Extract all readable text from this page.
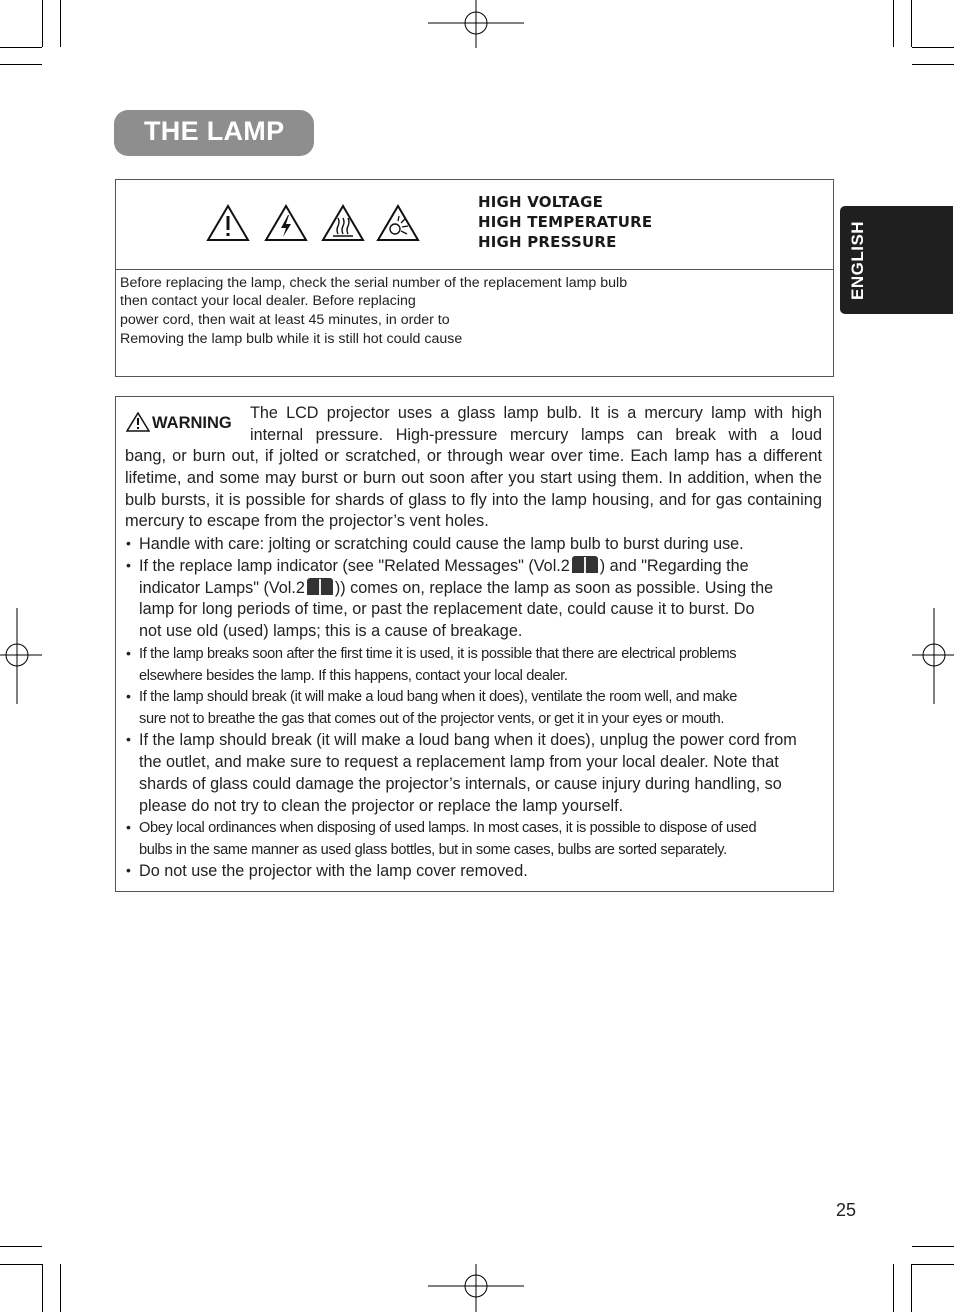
THE LAMP
ENGLISH
HIGH VOLTAGE
HIGH TEMPERATURE
HIGH PRESSURE
Before replacing the lamp, check the serial number of the replacement lamp bulb
then contact your local dealer. Before replacing
power cord, then wait at least 45 minutes, in order to
Removing the lamp bulb while it is still hot could cause
WARNING
The LCD projector uses a glass lamp bulb. It is a mercury lamp with high
internal pressure. High-pressure mercury lamps can break with a loud
bang, or burn out, if jolted or scratched, or through wear over time. Each lamp has a different lifetime, and some may burst or burn out soon after you start using them. In addition, when the bulb bursts, it is possible for shards of glass to fly into the lamp housing, and for gas containing mercury to escape from the projector’s vent holes.
• Handle with care: jolting or scratching could cause the lamp bulb to burst during use.
• If the replace lamp indicator (see "Related Messages" (Vol.2 ) and "Regarding the
indicator Lamps" (Vol.2 )) comes on, replace the lamp as soon as possible. Using the
lamp for long periods of time, or past the replacement date, could cause it to burst. Do
not use old (used) lamps; this is a cause of breakage.
• If the lamp breaks soon after the first time it is used, it is possible that there are electrical problems
elsewhere besides the lamp. If this happens, contact your local dealer.
• If the lamp should break (it will make a loud bang when it does), ventilate the room well, and make
sure not to breathe the gas that comes out of the projector vents, or get it in your eyes or mouth.
• If the lamp should break (it will make a loud bang when it does), unplug the power cord from
the outlet, and make sure to request a replacement lamp from your local dealer. Note that
shards of glass could damage the projector’s internals, or cause injury during handling, so
please do not try to clean the projector or replace the lamp yourself.
• Obey local ordinances when disposing of used lamps. In most cases, it is possible to dispose of used
bulbs in the same manner as used glass bottles, but in some cases, bulbs are sorted separately.
• Do not use the projector with the lamp cover removed.
25
